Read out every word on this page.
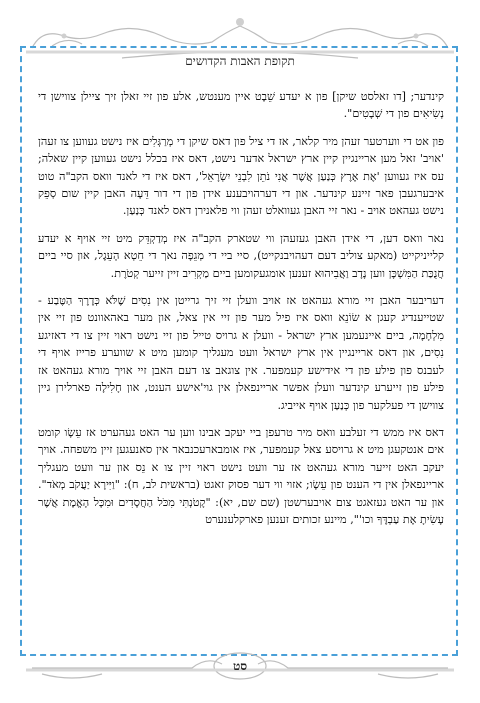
תקופת האבות הקדושים

קינדער; [דו זאלסט שיקן] פון א יעדע שֵׁבֶט איין מענטש, אלע פון זיי זאלן זיך ציילן צווישן די נְשִׂיאִים פון די שְׁבָטִים".

פון אט די ווערטער זעהן מיר קלאר, אז די ציל פון דאס שיקן די מְרַגְּלִים איז נישט געווען צו זעהן 'אויב' זאל מען אריינגיין קיין ארץ ישראל אדער נישט, דאס איז בכלל נישט געווען קיין שאלה; עס איז געווען 'אֶת אֶרֶץ כְּנַעַן אֲשֶׁר אֲנִי נֹתֵן לִבְנֵי יִשְׂרָאֵל', דאס איז די לאנד וואס הקב"ה טוט איבערגעבן פאר זיינע קינדער. און די דערהויבענע אידן פון די דור דֵּעָה האבן קיין שום סְפֵק נישט געהאט אויב - נאר זיי האבן געוואלט זעהן ווי פלאנירן דאס לאנד כְּנַעַן.

נאר וואס דען, די אידן האבן געזעהן ווי שטארק הקב"ה איז מְדַקְדֵּק מיט זיי אויף א יעדע קלייניקייט (מאקע צוליב דעם דעהויבנקייט), סיי ביי די מְגֵפָה נאך די חֵטְא הָעֵגֶל, און סיי ביים חֲנֻכַּת הַמִּשְׁכָּן ווען נָדָב וַאֲבִיהוּא זענען אומגעקומען ביים מַקְרִיב זיין זייער קְטֹרֶת.

דעריבער האבן זיי מורא געהאט אז אויב וועלן זיי זיך גרייטן אין נִסִים שֶׁלֹּא כְּדֶרֶךְ הַטֶּבַע - שטייענדיג קעגן א שׂוֹנֵא וואס איז פיל מער פון זיי אין צאל, און מער באהאוונט פון זיי אין מִלְחָמָה, ביים איינעמען ארץ ישראל - וועלן א גרויס טייל פון זיי נישט ראוי זיין צו די דאזיגע נִסִים, און דאס אריינגיין אין ארץ ישראל וועט מעגליך קומען מיט א שווערע פרייז אויף די לעבנס פון פילע פון די אידישע קעמפער. אין צוגאב צו דעם האבן זיי אויך מורא געהאט אז פילע פון זייערע קינדער וועלן אפשר אריינפאלן אין גוי'אישע הענט, און חָלִילָה פארלירן גיין צווישן די פעלקער פון כְּנַעַן אויף אייביג.

דאס איז ממש די זעלבע וואס מיר טרעפן ביי יעקב אבינו ווען ער האט געהערט אז עֵשָׂו קומט אים אנטקעגן מיט א גרויסע צאל קעמפער, איז אומבארעכנבאר אין סאנעגען זיין משפחה. אויך יעקב האט זייער מורא געהאט אז ער וועט נישט ראוי זיין צו א נֵס און ער וועט מעגליך אריינפאלן אין די הענט פון עֵשָׂו; אזוי ווי דער פסוק זאגט (בראשית לב, ח): "וַיִּירָא יַעֲקֹב מְאֹד". און ער האט געזאגט צום אויבערשטן (שם שם, יא): "קָטֹנְתִּי מִכֹּל הַחֲסָדִים וּמִכָּל הָאֱמֶת אֲשֶׁר עָשִׂיתָ אֶת עַבְדֶּךָ וכו'", מיינע זכותים זענען פארקלענערט

סט
